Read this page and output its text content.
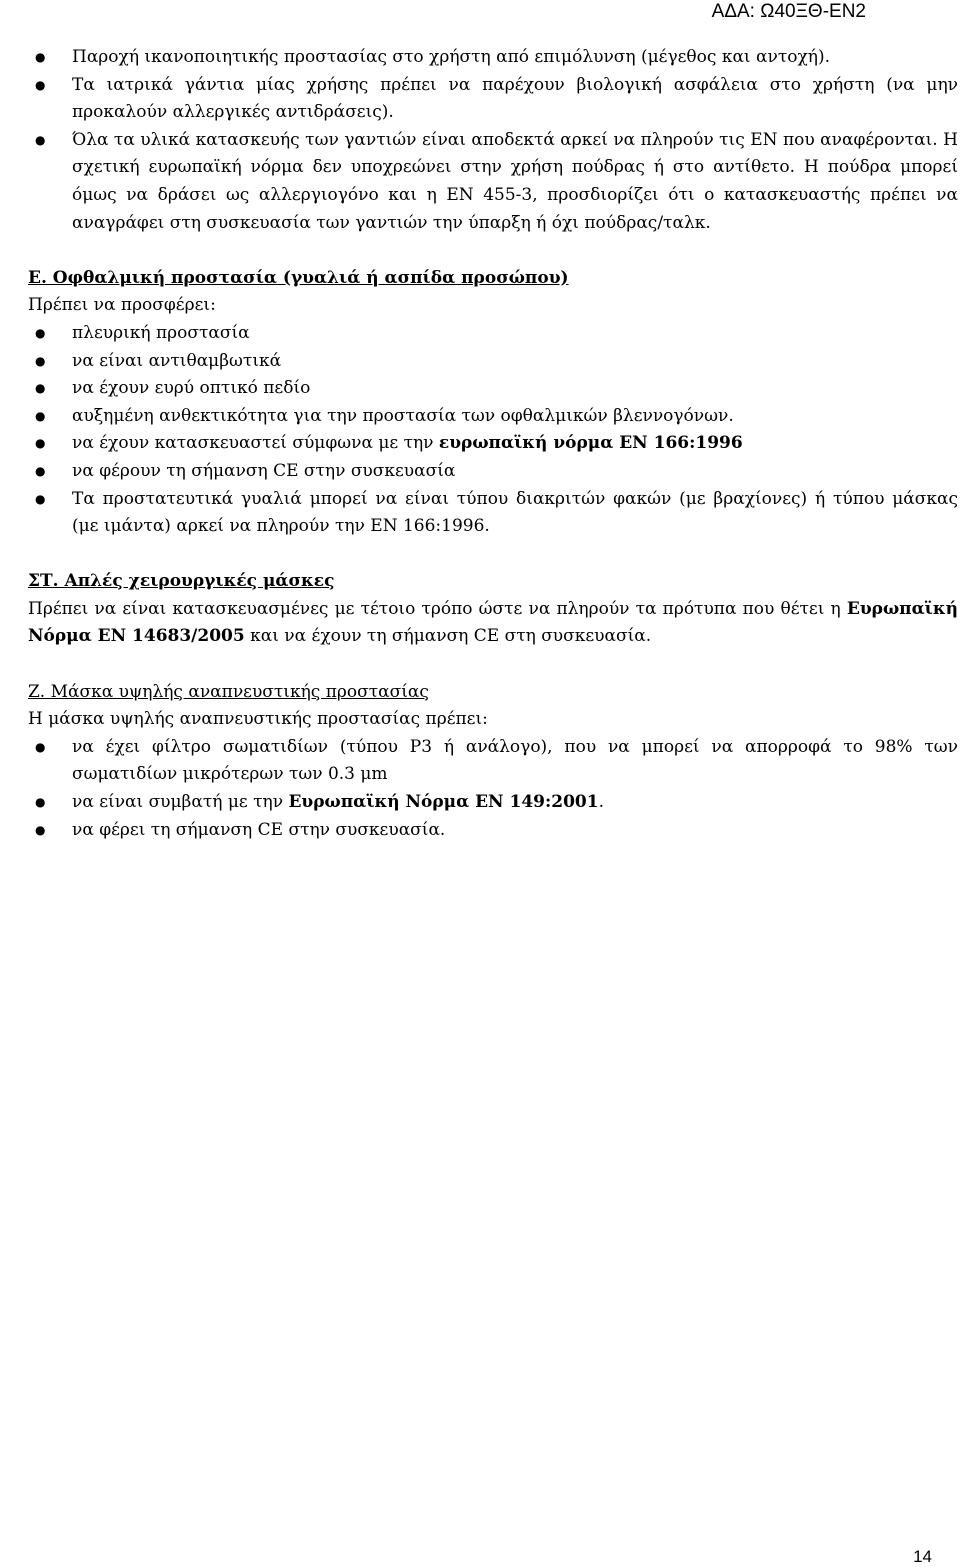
ΑΔΑ: Ω40ΞΘ-ΕΝ2
● Παροχή ικανοποιητικής προστασίας στο χρήστη από επιμόλυνση (μέγεθος και αντοχή).
● Τα ιατρικά γάντια μίας χρήσης πρέπει να παρέχουν βιολογική ασφάλεια στο χρήστη (να μην προκαλούν αλλεργικές αντιδράσεις).
● Όλα τα υλικά κατασκευής των γαντιών είναι αποδεκτά αρκεί να πληρούν τις EN που αναφέρονται. Η σχετική ευρωπαϊκή νόρμα δεν υποχρεώνει στην χρήση πούδρας ή στο αντίθετο. Η πούδρα μπορεί όμως να δράσει ως αλλεργιογόνο και η EN 455-3, προσδιορίζει ότι ο κατασκευαστής πρέπει να αναγράφει στη συσκευασία των γαντιών την ύπαρξη ή όχι πούδρας/ταλκ.
Ε. Οφθαλμική προστασία (γυαλιά ή ασπίδα προσώπου)

Πρέπει να προσφέρει:

● πλευρική προστασία
● να είναι αντιθαμβωτικά
● να έχουν ευρύ οπτικό πεδίο
● αυξημένη ανθεκτικότητα για την προστασία των οφθαλμικών βλεννογόνων.
● να έχουν κατασκευαστεί σύμφωνα με την ευρωπαϊκή νόρμα EN 166:1996
● να φέρουν τη σήμανση CE στην συσκευασία
● Τα προστατευτικά γυαλιά μπορεί να είναι τύπου διακριτών φακών (με βραχίονες) ή τύπου μάσκας (με ιμάντα) αρκεί να πληρούν την EN 166:1996.
ΣΤ. Απλές χειρουργικές μάσκες

Πρέπει να είναι κατασκευασμένες με τέτοιο τρόπο ώστε να πληρούν τα πρότυπα που θέτει η Ευρωπαϊκή Νόρμα ΕΝ 14683/2005 και να έχουν τη σήμανση CE στη συσκευασία.

Ζ. Μάσκα υψηλής αναπνευστικής προστασίας

Η μάσκα υψηλής αναπνευστικής προστασίας πρέπει:

● να έχει φίλτρο σωματιδίων (τύπου P3 ή ανάλογο), που να μπορεί να απορροφά το 98% των σωματιδίων μικρότερων των 0.3 μm
● να είναι συμβατή με την Ευρωπαϊκή Νόρμα ΕΝ 149:2001.
● να φέρει τη σήμανση CE στην συσκευασία.
14
